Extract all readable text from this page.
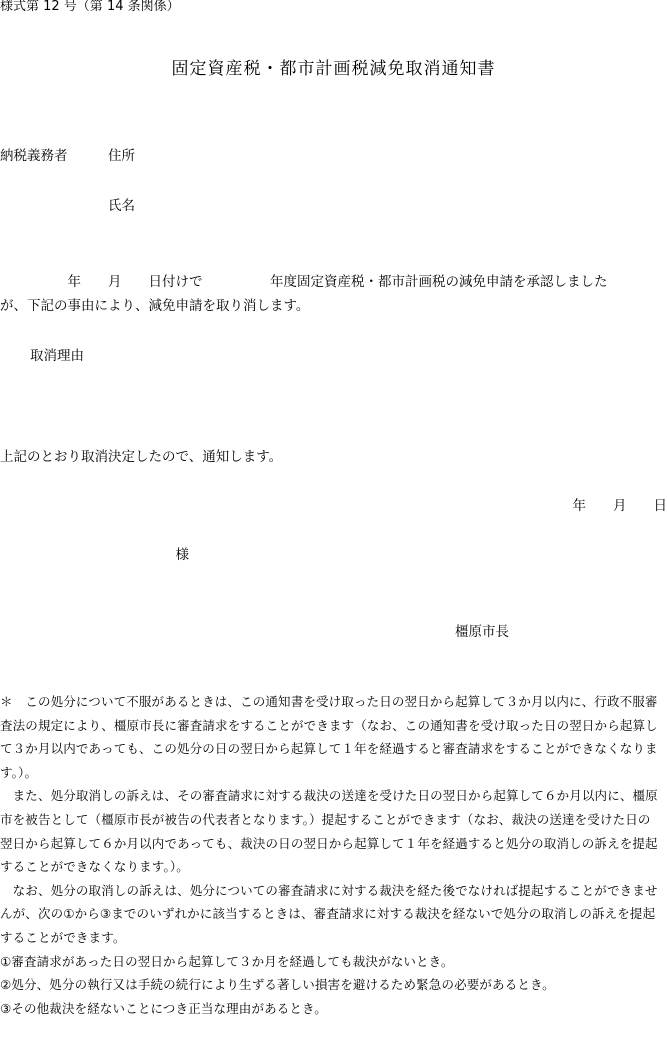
様式第 12 号（第 14 条関係）
固定資産税・都市計画税減免取消通知書
納税義務者	住所
氏名
　　　　　年　　月　　日付けで　　　　　年度固定資産税・都市計画税の減免申請を承認しました
が、下記の事由により、減免申請を取り消します。
取消理由
上記のとおり取消決定したので、通知します。
年　　月　　日
　　　　　　　　　　　　　様
橿原市長
＊　この処分について不服があるときは、この通知書を受け取った日の翌日から起算して３か月以内に、行政不服審
査法の規定により、橿原市長に審査請求をすることができます（なお、この通知書を受け取った日の翌日から起算し
て３か月以内であっても、この処分の日の翌日から起算して１年を経過すると審査請求をすることができなくなりま
す。）。
　また、処分取消しの訴えは、その審査請求に対する裁決の送達を受けた日の翌日から起算して６か月以内に、橿原
市を被告として（橿原市長が被告の代表者となります。）提起することができます（なお、裁決の送達を受けた日の
翌日から起算して６か月以内であっても、裁決の日の翌日から起算して１年を経過すると処分の取消しの訴えを提起
することができなくなります。）。
　なお、処分の取消しの訴えは、処分についての審査請求に対する裁決を経た後でなければ提起することができませ
んが、次の①から③までのいずれかに該当するときは、審査請求に対する裁決を経ないで処分の取消しの訴えを提起
することができます。
①審査請求があった日の翌日から起算して３か月を経過しても裁決がないとき。
②処分、処分の執行又は手続の続行により生ずる著しい損害を避けるため緊急の必要があるとき。
③その他裁決を経ないことにつき正当な理由があるとき。
